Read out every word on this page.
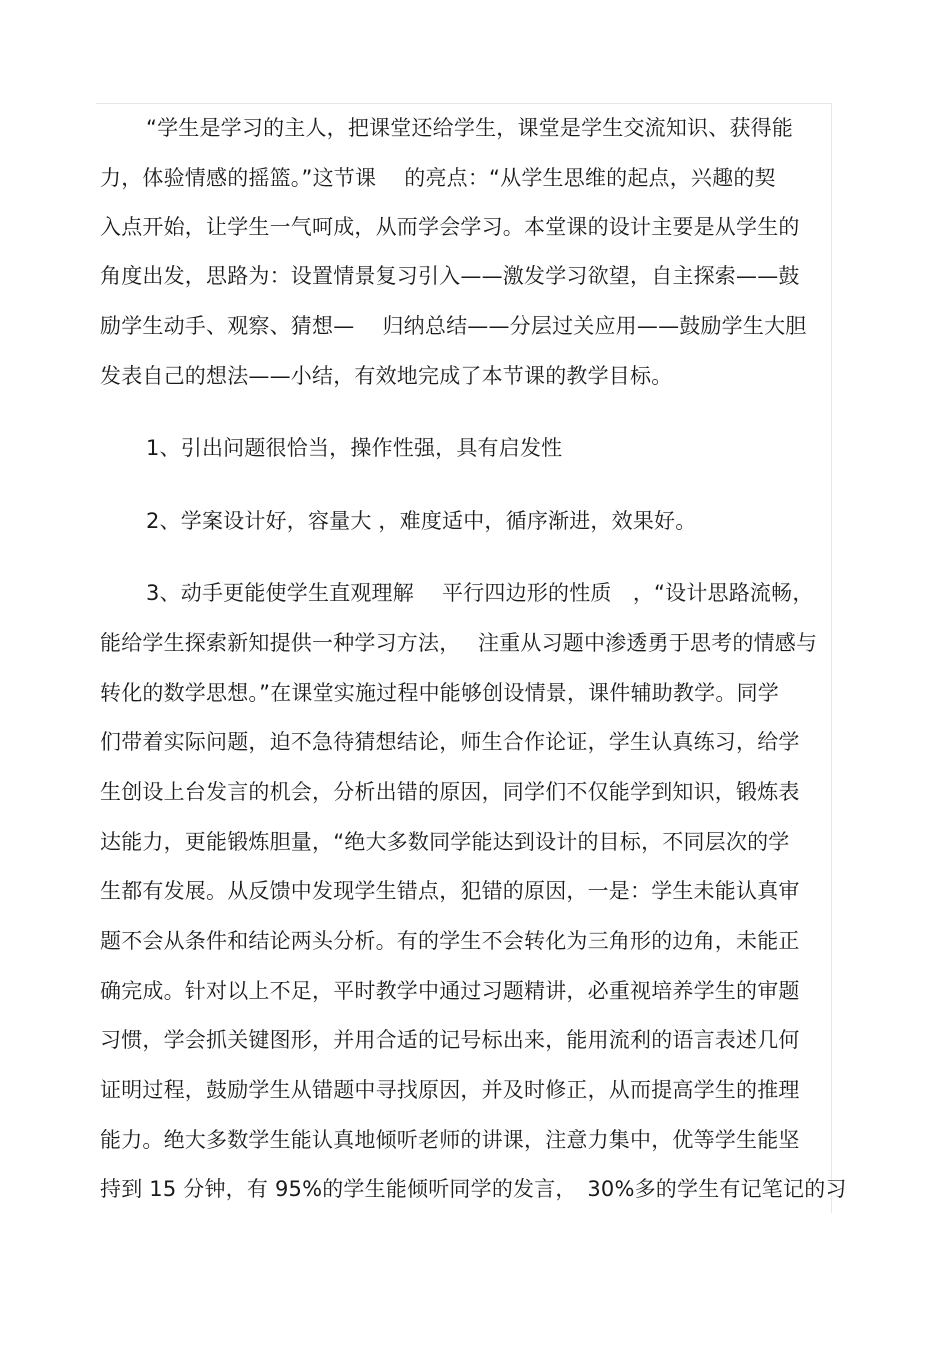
“学生是学习的主人，把课堂还给学生，课堂是学生交流知识、获得能
力，体验情感的摇篮。”这节课　 的亮点：“从学生思维的起点，兴趣的契
入点开始，让学生一气呵成，从而学会学习。本堂课的设计主要是从学生的
角度出发，思路为：设置情景复习引入——激发学习欲望，自主探索——鼓
励学生动手、观察、猜想—　 归纳总结——分层过关应用——鼓励学生大胆
发表自己的想法——小结，有效地完成了本节课的教学目标。
1、引出问题很恰当，操作性强，具有启发性
2、学案设计好，容量大 ，难度适中，循序渐进，效果好。
3、动手更能使学生直观理解　 平行四边形的性质　，“设计思路流畅，
能给学生探索新知提供一种学习方法，　 注重从习题中渗透勇于思考的情感与
转化的数学思想。”在课堂实施过程中能够创设情景，课件辅助教学。同学
们带着实际问题，迫不急待猜想结论，师生合作论证，学生认真练习，给学
生创设上台发言的机会，分析出错的原因，同学们不仅能学到知识，锻炼表
达能力，更能锻炼胆量，“绝大多数同学能达到设计的目标，不同层次的学
生都有发展。从反馈中发现学生错点，犯错的原因，一是：学生未能认真审
题不会从条件和结论两头分析。有的学生不会转化为三角形的边角，未能正
确完成。针对以上不足，平时教学中通过习题精讲，必重视培养学生的审题
习惯，学会抓关键图形，并用合适的记号标出来，能用流利的语言表述几何
证明过程，鼓励学生从错题中寻找原因，并及时修正，从而提高学生的推理
能力。绝大多数学生能认真地倾听老师的讲课，注意力集中，优等学生能坚
持到 15 分钟，有 95%的学生能倾听同学的发言，　30%多的学生有记笔记的习
